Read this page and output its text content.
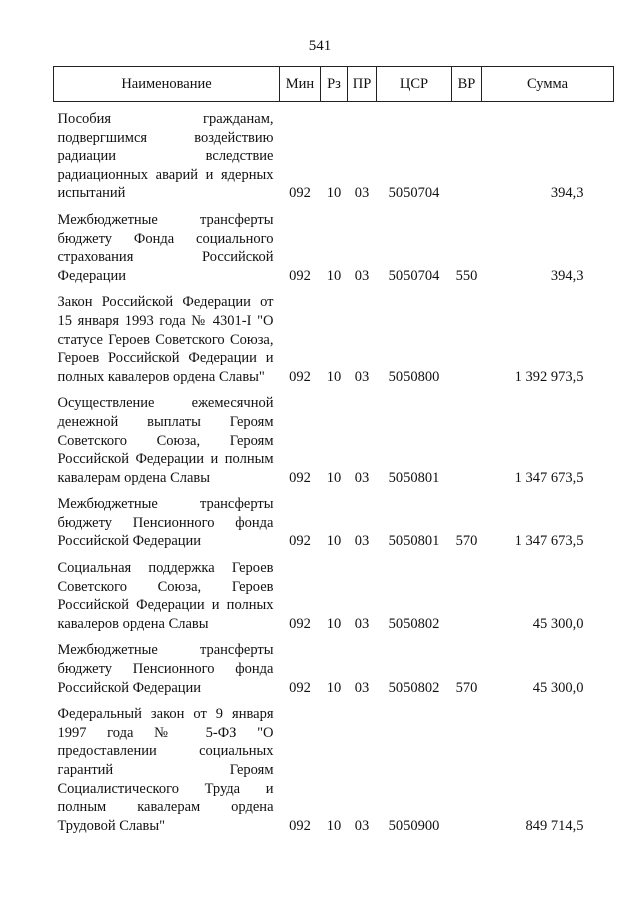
541
Наименование	Мин	Рз	ПР	ЦСР	ВР	Сумма
Пособия гражданам, подвергшимся воздействию радиации вследствие радиационных аварий и ядерных испытаний	092	10	03	5050704		394,3
Межбюджетные трансферты бюджету Фонда социального страхования Российской Федерации	092	10	03	5050704	550	394,3
Закон Российской Федерации от 15 января 1993 года № 4301-I "О статусе Героев Советского Союза, Героев Российской Федерации и полных кавалеров ордена Славы"	092	10	03	5050800		1 392 973,5
Осуществление ежемесячной денежной выплаты Героям Советского Союза, Героям Российской Федерации и полным кавалерам ордена Славы	092	10	03	5050801		1 347 673,5
Межбюджетные трансферты бюджету Пенсионного фонда Российской Федерации	092	10	03	5050801	570	1 347 673,5
Социальная поддержка Героев Советского Союза, Героев Российской Федерации и полных кавалеров ордена Славы	092	10	03	5050802		45 300,0
Межбюджетные трансферты бюджету Пенсионного фонда Российской Федерации	092	10	03	5050802	570	45 300,0
Федеральный закон от 9 января 1997 года № 5-ФЗ "О предоставлении социальных гарантий Героям Социалистического Труда и полным кавалерам ордена Трудовой Славы"	092	10	03	5050900		849 714,5
